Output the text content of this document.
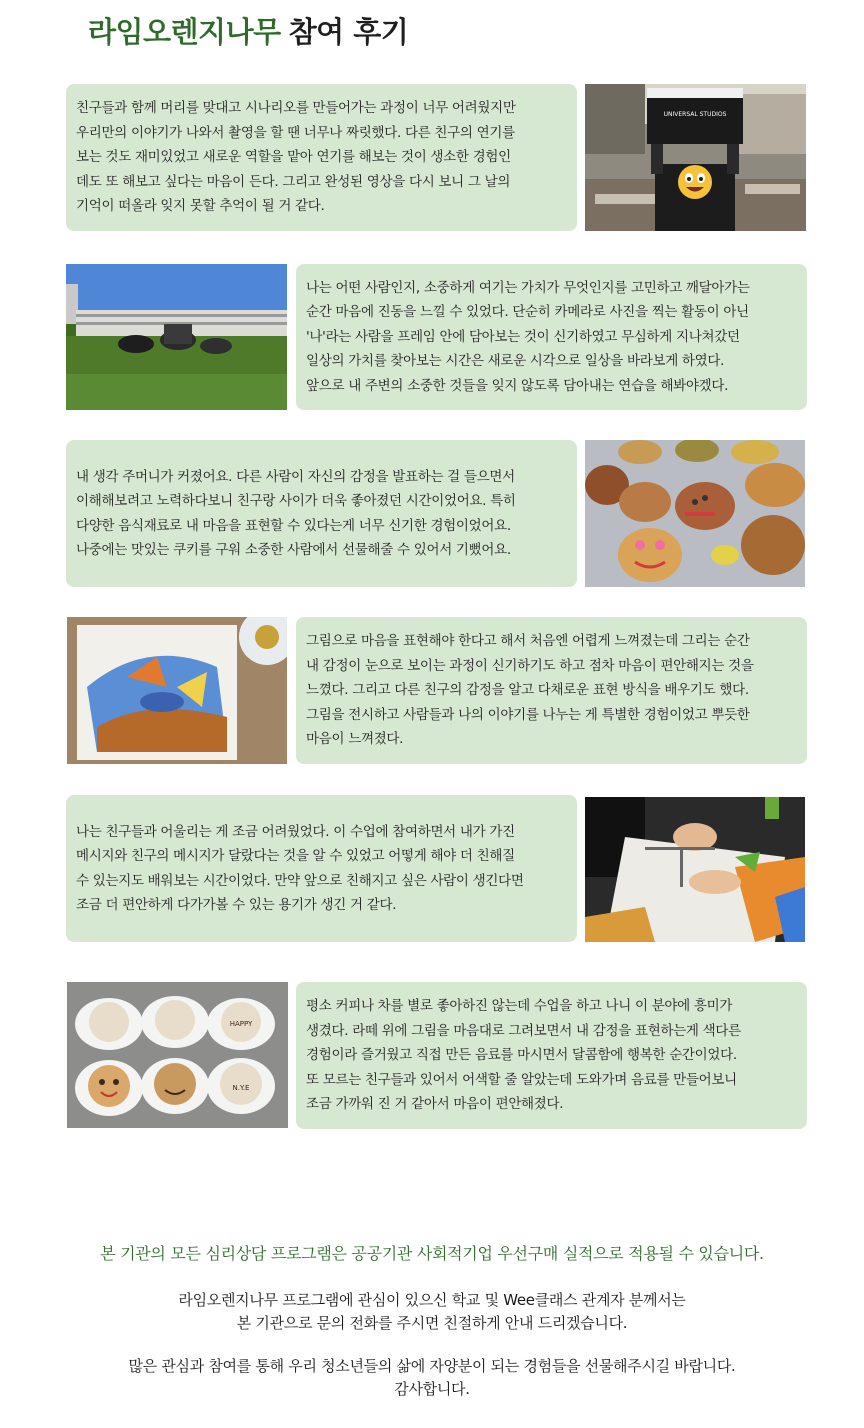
라임오렌지나무 참여 후기
친구들과 함께 머리를 맞대고 시나리오를 만들어가는 과정이 너무 어려웠지만
우리만의 이야기가 나와서 촬영을 할 땐 너무나 짜릿했다. 다른 친구의 연기를
보는 것도 재미있었고 새로운 역할을 맡아 연기를 해보는 것이 생소한 경험인
데도 또 해보고 싶다는 마음이 든다. 그리고 완성된 영상을 다시 보니 그 날의
기억이 떠올라 잊지 못할 추억이 될 거 같다.
UNIVERSAL STUDIOS
나는 어떤 사람인지, 소중하게 여기는 가치가 무엇인지를 고민하고 깨달아가는
순간 마음에 진동을 느낄 수 있었다. 단순히 카메라로 사진을 찍는 활동이 아닌
'나'라는 사람을 프레임 안에 담아보는 것이 신기하였고 무심하게 지나쳐갔던
일상의 가치를 찾아보는 시간은 새로운 시각으로 일상을 바라보게 하였다.
앞으로 내 주변의 소중한 것들을 잊지 않도록 담아내는 연습을 해봐야겠다.
내 생각 주머니가 커졌어요. 다른 사람이 자신의 감정을 발표하는 걸 들으면서
이해해보려고 노력하다보니 친구랑 사이가 더욱 좋아졌던 시간이었어요. 특히
다양한 음식재료로 내 마음을 표현할 수 있다는게 너무 신기한 경험이었어요.
나중에는 맛있는 쿠키를 구워 소중한 사람에서 선물해줄 수 있어서 기뻤어요.
그림으로 마음을 표현해야 한다고 해서 처음엔 어렵게 느껴졌는데 그리는 순간
내 감정이 눈으로 보이는 과정이 신기하기도 하고 점차 마음이 편안해지는 것을
느꼈다. 그리고 다른 친구의 감정을 알고 다채로운 표현 방식을 배우기도 했다.
그림을 전시하고 사람들과 나의 이야기를 나누는 게 특별한 경험이었고 뿌듯한
마음이 느껴졌다.
나는 친구들과 어울리는 게 조금 어려웠었다. 이 수업에 참여하면서 내가 가진
메시지와 친구의 메시지가 달랐다는 것을 알 수 있었고 어떻게 해야 더 친해질
수 있는지도 배워보는 시간이었다. 만약 앞으로 친해지고 싶은 사람이 생긴다면
조금 더 편안하게 다가가볼 수 있는 용기가 생긴 거 같다.
HAPPY
N.Y.E
평소 커피나 차를 별로 좋아하진 않는데 수업을 하고 나니 이 분야에 흥미가
생겼다. 라떼 위에 그림을 마음대로 그려보면서 내 감정을 표현하는게 색다른
경험이라 즐거웠고 직접 만든 음료를 마시면서 달콤함에 행복한 순간이었다.
또 모르는 친구들과 있어서 어색할 줄 알았는데 도와가며 음료를 만들어보니
조금 가까워 진 거 같아서 마음이 편안해졌다.
본 기관의 모든 심리상담 프로그램은 공공기관 사회적기업 우선구매 실적으로 적용될 수 있습니다.
라임오렌지나무 프로그램에 관심이 있으신 학교 및 Wee클래스 관계자 분께서는
본 기관으로 문의 전화를 주시면 친절하게 안내 드리겠습니다.
많은 관심과 참여를 통해 우리 청소년들의 삶에 자양분이 되는 경험들을 선물해주시길 바랍니다.
감사합니다.
